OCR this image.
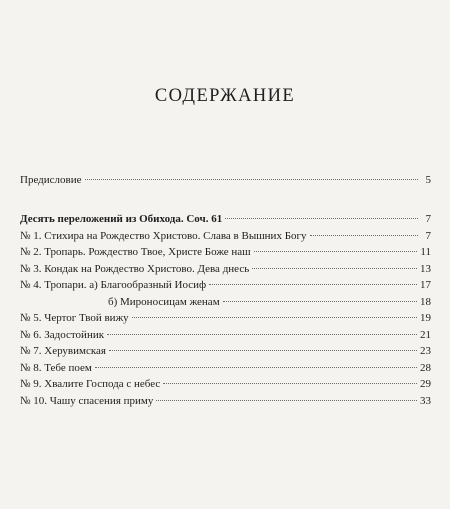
СОДЕРЖАНИЕ
Предисловие	5
Десять переложений из Обихода. Соч. 61	7
№ 1. Стихира на Рождество Христово. Слава в Вышних Богу	7
№ 2. Тропарь. Рождество Твое, Христе Боже наш	11
№ 3. Кондак на Рождество Христово. Дева днесь	13
№ 4. Тропари. а) Благообразный Иосиф	17
б) Мироносицам женам	18
№ 5. Чертог Твой вижу	19
№ 6. Задостойник	21
№ 7. Херувимская	23
№ 8. Тебе поем	28
№ 9. Хвалите Господа с небес	29
№ 10. Чашу спасения приму	33
